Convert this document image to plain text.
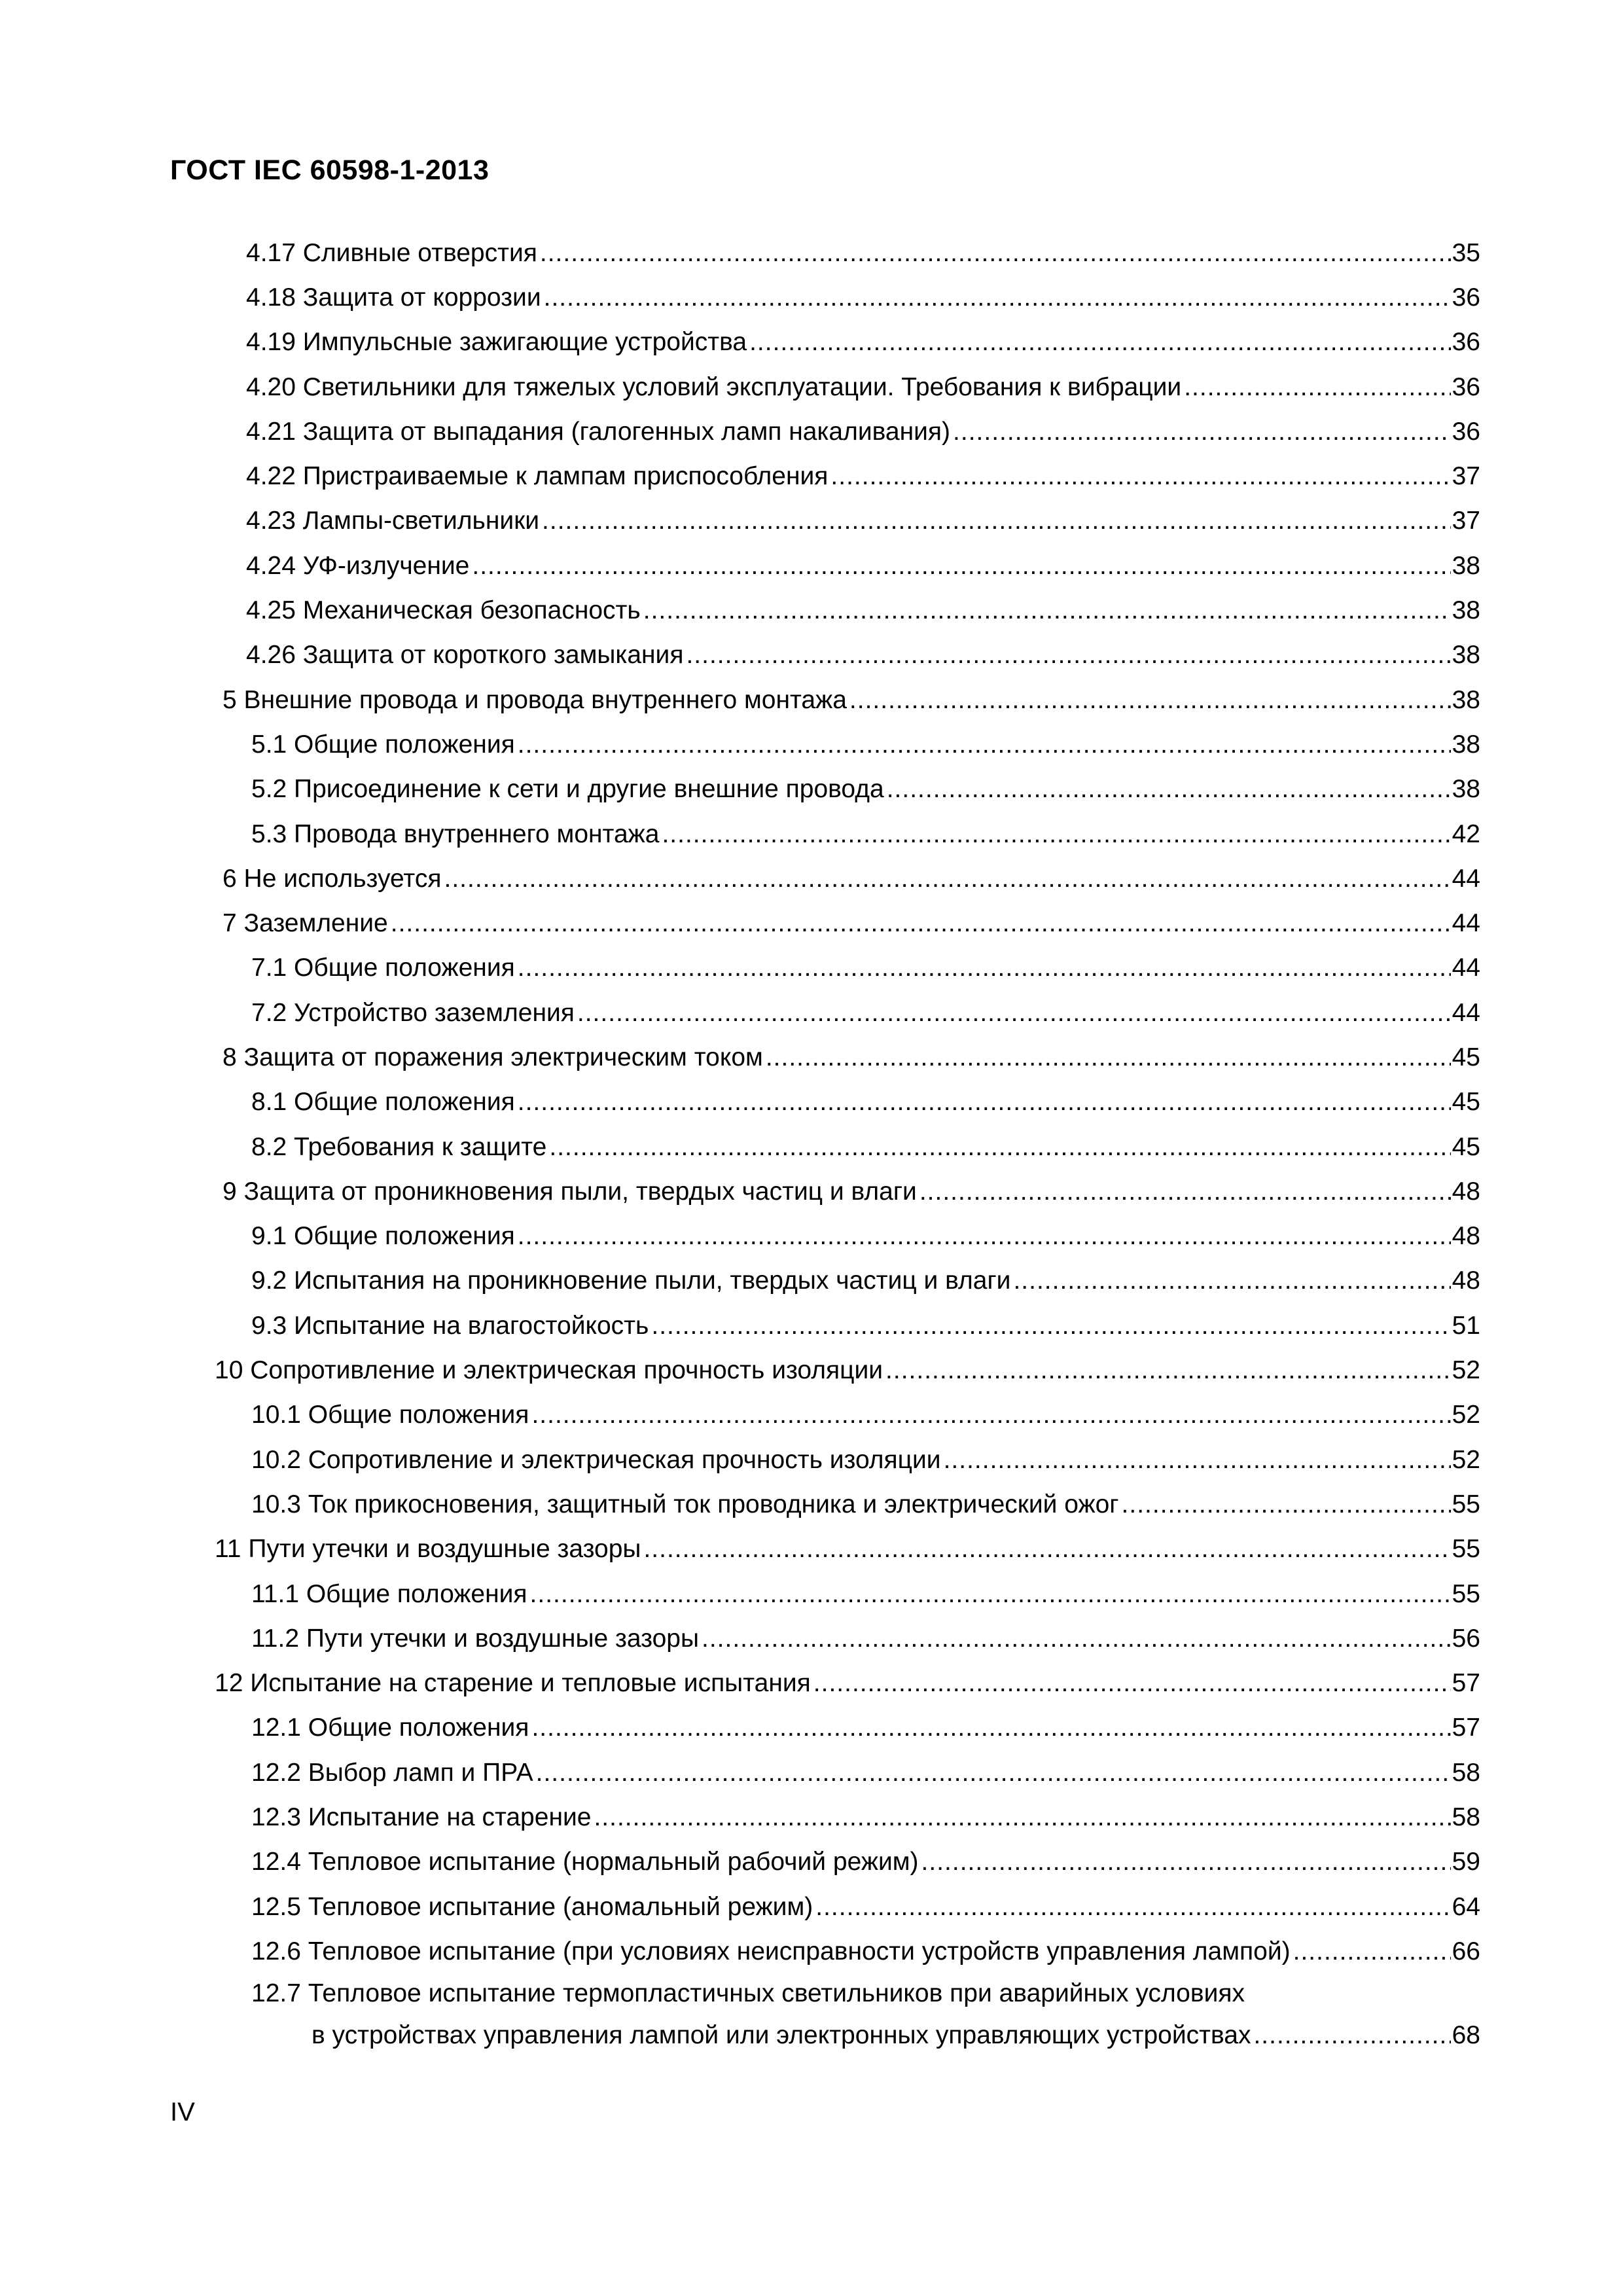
ГОСТ IEC 60598-1-2013
4.17 Сливные отверстия .....	35
4.18 Защита от коррозии .....	36
4.19 Импульсные зажигающие устройства .....	36
4.20 Светильники для тяжелых условий эксплуатации. Требования к вибрации .....	36
4.21 Защита от выпадания (галогенных ламп накаливания) .....	36
4.22 Пристраиваемые к лампам приспособления .....	37
4.23 Лампы-светильники .....	37
4.24 УФ-излучение .....	38
4.25 Механическая безопасность .....	38
4.26 Защита от короткого замыкания .....	38
5 Внешние провода и провода внутреннего монтажа .....	38
5.1 Общие положения .....	38
5.2 Присоединение к сети и другие внешние провода .....	38
5.3 Провода внутреннего монтажа .....	42
6 Не используется .....	44
7 Заземление .....	44
7.1 Общие положения .....	44
7.2 Устройство заземления .....	44
8 Защита от поражения электрическим током .....	45
8.1 Общие положения .....	45
8.2 Требования к защите .....	45
9 Защита от проникновения пыли, твердых частиц и влаги .....	48
9.1 Общие положения .....	48
9.2 Испытания на проникновение пыли, твердых частиц и влаги .....	48
9.3 Испытание на влагостойкость .....	51
10 Сопротивление и электрическая прочность изоляции .....	52
10.1 Общие положения .....	52
10.2 Сопротивление и электрическая прочность изоляции .....	52
10.3 Ток прикосновения, защитный ток проводника и электрический ожог .....	55
11 Пути утечки и воздушные зазоры .....	55
11.1 Общие положения .....	55
11.2 Пути утечки и воздушные зазоры .....	56
12 Испытание на старение и тепловые испытания .....	57
12.1 Общие положения .....	57
12.2 Выбор ламп и ПРА .....	58
12.3 Испытание на старение .....	58
12.4 Тепловое испытание (нормальный рабочий режим) .....	59
12.5 Тепловое испытание (аномальный режим) .....	64
12.6 Тепловое испытание (при условиях неисправности устройств управления лампой) .....	66
12.7 Тепловое испытание термопластичных светильников при аварийных условиях
в устройствах управления лампой или электронных управляющих устройствах .....	68
IV
